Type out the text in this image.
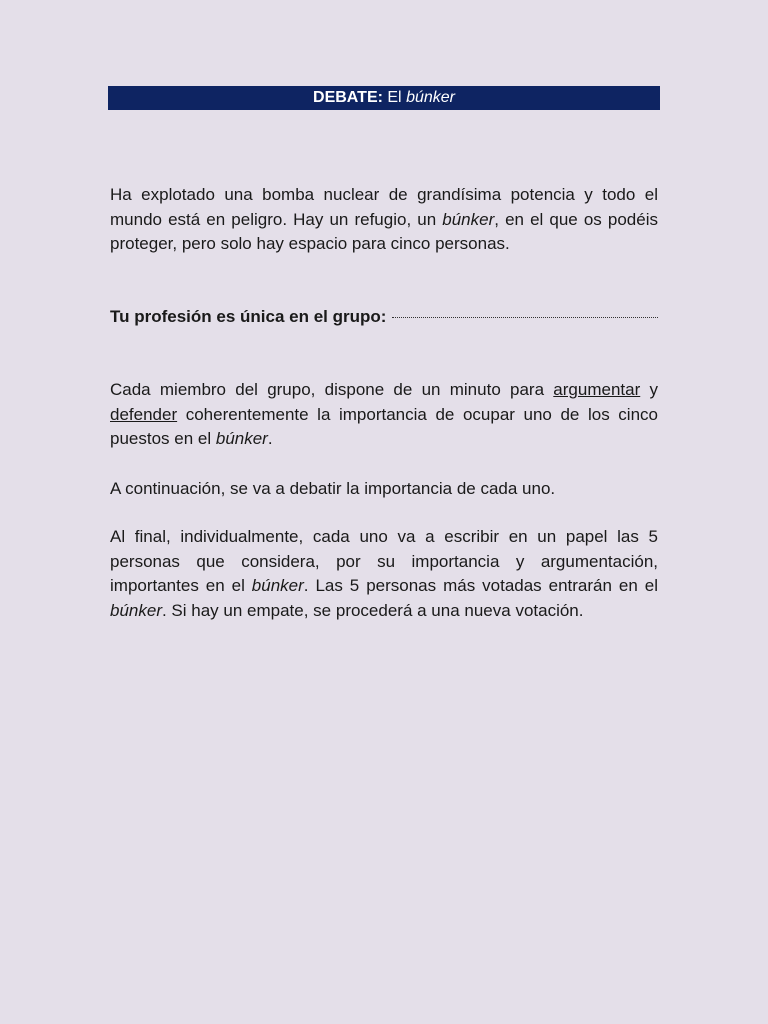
DEBATE: El búnker
Ha explotado una bomba nuclear de grandísima potencia y todo el mundo está en peligro. Hay un refugio, un búnker, en el que os podéis proteger, pero solo hay espacio para cinco personas.
Tu profesión es única en el grupo:
Cada miembro del grupo, dispone de un minuto para argumentar y defender coherentemente la importancia de ocupar uno de los cinco puestos en el búnker.
A continuación, se va a debatir la importancia de cada uno.
Al final, individualmente, cada uno va a escribir en un papel las 5 personas que considera, por su importancia y argumentación, importantes en el búnker. Las 5 personas más votadas entrarán en el búnker. Si hay un empate, se procederá a una nueva votación.
